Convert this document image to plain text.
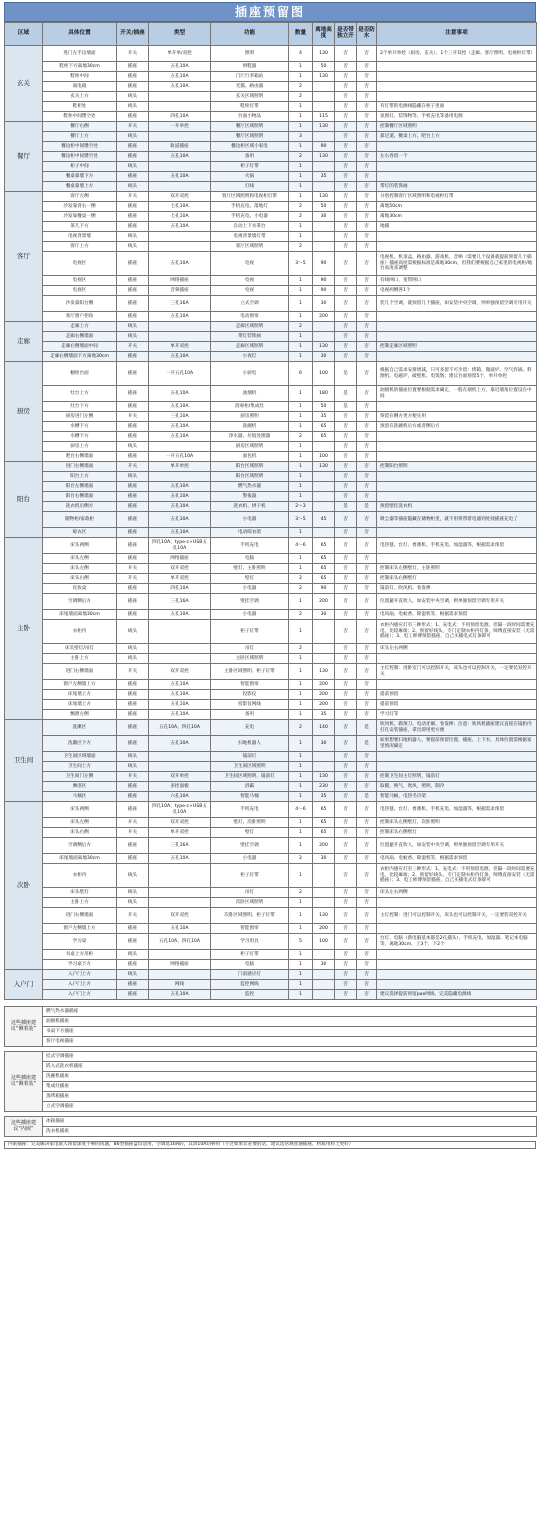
插座预留图
区域	具体位置	开关/插座	类型	功能	数量	离地高度	是否带独立开	是否防水	注意事项
玄关	进门左手边墙面	开关	单开单/双控	照明	4	130	否	否	2个单开单控（厨房、玄关）、1个三开双控（走廊、客厅照明、电视柜灯带）
	鞋柜下方离地30cm	插座	五孔10A	烘鞋器	1	50	否	否	
	鞋柜中间	插座	五孔10A	门厅行李箱站	1	130	否	否	
	弱电箱	插座	五孔10A	光猫、路由器	2		否	否	
	玄关上方	线头		玄关区域照明	2		否	否	
	鞋柜处	线头		鞋柜灯带	1		否	否	有灯带的电源线隐藏在柜子里面
	鞋柜中间镂空处	插座	四孔10A	台面小物品	1	115	否	否	氛围灯、装饰物等，手机充电等备用电源
餐厅	餐厅右侧	开关	一开单控	餐厅区域照明	1	130	否	否	控制餐厅区域照明
	餐厅上方	线头		餐厅区域照明	3		否	否	靠过道、餐桌上方、吧台上方
	餐边柜中间镂空处	插座	轨道插座	餐边柜区域小家电	1	90	否	否	
	餐边柜中间镂空处	插座	五孔10A	备用	2	130	否	否	左右各留一个
	柜子中间	线头		柜子灯带	1		否	否	
	餐桌靠墙下方	插座	五孔10A	火锅	1	35	否	否	
	餐桌靠墙上方	线头		灯线	1		否	否	带灯的装饰画
客厅	客厅左侧	开关	双开双控	客厅区域照明和电视柜灯带	1	130	否	否	分别控制客厅区域照明和电视柜灯带
	沙发靠背右一侧	插座	七孔10A	手机充电、落地灯	2	50	否	否	离地50cm
	沙发靠餐桌一侧	插座	七孔10A	手机充电、小电器	2	30	否	否	离地30cm
	茶几下方	插座	五孔10A	自动上下水茶台	1		否	否	地插
	电视背景墙	线头		电视背景墙灯带	1		否	否	
	客厅上方	线头		客厅区域照明	2		否	否	
	电视区	插座	五孔10A	电视	3～5	90	否	否	电视机、机顶盒、路由器、游戏机、音响（需要几个设备就提前预留几个插座）插座高度需根据标准是离地30cm，但我们要根据自己家里的电视柜/地台高度来调整
	电视区	插座	网络插座	电视	1	90	否	否	有线网口，宽带网口
	电视区	插座	音频插座	电视	1	90	否	否	电视两侧各1个
	沙发靠阳台侧	插座	三孔16A	立式空调	1	30	否	否	装几个空调，就预留几个插座，如安装中央空调，则单独预留空调专用开关
	客厅窗户拐角	插座	五孔10A	电动窗帘	1	200	否	否	
走廊	走廊上方	线头		走廊区域照明	2		否	否	
	走廊右侧墙面	线头		带灯装饰画	1		否	否	
	走廊右侧墙面中间	开关	单开双控	走廊区域照明	1	130	否	否	控制走廊区域照明
	走廊右侧墙面下方离地30cm	插座	五孔10A	小夜灯	1	30	否	否	
厨房	橱柜台面	插座	一开五孔10A	小厨电	6	100	是	否	根据自己需求安排增减，只可多留不可少留：烤箱、微波炉、空气炸锅、料理机、电磁炉、破壁机、电饭煲；建议台面预留5个，单开单控
	灶台上方	插座	五孔10A	油烟机	1	180	是	否	油烟机的插座位置要根据需求确定，一般在烟机上方，靠近墙角位置设在中间
	灶台下方	插座	五孔10A	消毒柜/集成灶	1	50	是	否	
	厨房进门左侧	开关	三孔10A	厨房照明	1	35	否	否	预留在侧方更方便实用
	水槽下方	插座	五孔10A	洗碗机	1	65	否	否	预留在洗碗机后方或者侧后方
	水槽下方	插座	五孔10A	净水器、垃圾处理器	2	65	否	否	
	厨房上方	线头		厨房区域照明	1		否	否	
	吧台右侧墙面	插座	一开五孔10A	面包机	1	100	否	否	
阳台	进门右侧墙面	开关	单开单控	阳台区域照明	1	130	否	否	控制阳台照明
	阳台上方	线头		阳台区域照明	1		否	否	
	阳台左侧墙面	插座	五孔10A	燃气热水器	1		否	否	
	阳台右侧墙面	插座	五孔10A	警报器	1		否	否	
	洗衣机后侧方	插座	五孔10A	洗衣机、烘干机	2～3		是	是	预留壁挂洗衣机
	储物柜/家政柜	插座	五孔10A	小电器	3～5	45	否	否	吸尘器等插座隐藏在储物柜里，就不用将带着电器到处找插座充电了
	晾衣区	插座	五孔10A	电动晾衣架	1		否	否	
主卧	床头两侧	插座	四孔10A、type-c+USB五孔10A	手机充电	4～6	65	否	否	电热毯、台灯、香薰机、手机充电、加湿器等，根据需求预留
	床头左侧	插座	网络插座	电脑	1	65	否	否	
	床头左侧	开关	双开双控	壁灯、主卧照明	1	65	否	否	控制床头左侧壁灯，主卧照明
	床头右侧	开关	单开双控	壁灯	2	65	否	否	控制床头右侧壁灯
	化妆桌	插座	四孔10A	小电器	2	90	否	否	镜前灯、吹风机、卷发棒
	空调侧后方	插座	三孔16A	壁挂空调	1	200	否	否	位置避开直吹人，如安装中央空调，则单独预留空调专用开关
	床尾墙面离地30cm	插座	五孔10A	小电器	2	30	否	否	电风扇、电蚊香、除湿机等，根据需求预留
	衣柜内	线头		柜子灯带	1		否	否	衣柜内感应灯有三种形式：1、充电式：不用预留电源，但隔一段时间需要充电，比较麻烦；2、预留好线头，专门定制衣柜内灯条，师傅直接安装（无需插座）；3、电工师傅预留插座，自己买插电式灯条即可
	床头壁灯/吊灯	线头		吊灯	2		否	否	床头左右两侧
	主卧上方	线头		主卧区域照明	1		否	否	
	进门右侧墙面	开关	双开双控	主卧区域照明、柜子灯带	1	130	否	否	主灯控制：进卧室门可以控制开关，床头也可以控制开关，一定要装双控开关
	窗户左侧墙上方	插座	五孔10A	智能窗帘	1	200	否	否	
	床尾墙上方	插座	五孔10A	投影仪	1	200	否	否	提前预留
	床尾墙上方	插座	五孔10A	投影仪网线	1	200	否	否	提前预留
	飘窗左侧	插座	五孔10A	备用	1	35	否	否	学习灯等
卫生间	洗漱区	插座	五孔10A、四孔10A	充电	2	140	否	是	吹风机、剃须刀、电动牙刷、卷发棒；注意：吹风机插座建议直接在镜柜内打孔安装插座，拿出即用更方便
	洗漱区下方	插座	五孔10A	扫地机器人	1	30	否	是	如果想要扫地机器人，要提前预留位置，插座、上下水，具体位置需根据家里情况确定
	卫生间区域墙面	线头		镜前灯	1		否	否	
	卫生间上方	线头		卫生间区域照明	1		否	否	
	卫生间门左侧	开关	双开单控	卫生间区域照明、镜前灯	1	130	否	否	控制卫生间主灯照明，镜前灯
	淋浴区	插座	多控面板	浴霸	1	230	否	否	取暖，换气，吹风，照明，制冷
	马桶区	插座	六孔10A	智能马桶	1	35	否	是	智能马桶，电热毛巾架
次卧	床头两侧	插座	四孔10A、type-c+USB五孔10A	手机充电	4～6	65	否	否	电热毯、台灯、香薰机、手机充电、加湿器等，根据需求预留
	床头左侧	开关	双开双控	壁灯、次卧照明	1	65	否	否	控制床头左侧壁灯，次卧照明
	床头右侧	开关	单开双控	壁灯	1	65	否	否	控制床头右侧壁灯
	空调侧后方	插座	三孔16A	壁挂空调	1	200	否	否	位置避开直吹人，如安装中央空调，则单独预留空调专用开关
	床尾墙面离地30cm	插座	五孔10A	小电器	2	30	否	否	电风扇、电蚊香、除湿机等，根据需求预留
	衣柜内	线头		柜子灯带	1		否	否	衣柜内感应灯有三种形式：1、充电式：不用预留电源，但隔一段时间需要充电，比较麻烦；2、预留好线头，专门定制衣柜内灯条，师傅直接安装（无需插座）；3、电工师傅预留插座，自己买插电式灯条即可
	床头壁灯	线头		吊灯	2		否	否	床头左右两侧
	主卧上方	线头		次卧区域照明	1		否	否	
	进门右侧墙面	开关	双开双控	次卧区域照明、柜子灯带	1	130	否	否	主灯控制：进门可以控制开关，床头也可以控制开关，一定要装双控开关
	窗户左侧墙上方	插座	五孔10A	智能窗帘	1	200	否	否	
	学习桌	插座	五孔10A、四孔10A	学习用具	5	100	否	否	台灯、电脑（新电脑基本都是2孔插头）、手机充电、加湿器、笔记本电脑等，离地30cm，上3个，下2个
	书桌上方吊柜	线头		柜子灯带	1		否	否	
	学习桌下方	插座	网络插座	电脑	1	30	否	否	
入户门	入户门上方	线头		门前感应灯	1		否	否	
	入户门上方	插座	网线	监控网线	1		否	否	
	入户门上方	插座	五孔10A	监控	1		否	否	建议选择提前预留poe网线，完美隐藏电源线
这些插座建议“侧着装”	燃气热水器插座
	油烟机插座
	书桌下方插座
	客厅电视插座

这些插座建议“侧着装”	挂式空调插座
	嵌入式洗衣机插座
	洗碗机插座
	集成灶插座
	蒸烤箱插座
	立式空调插座

这些插座建议“内嵌”	冰箱插座
	洗衣机插座
内嵌插座：完美解决家电嵌入预留深度不够的问题，86型插座盒均适用，空调选16A的，其余10A均够用（不过如果非必要的话，建议选常规普通插座，材质用料上更好）
